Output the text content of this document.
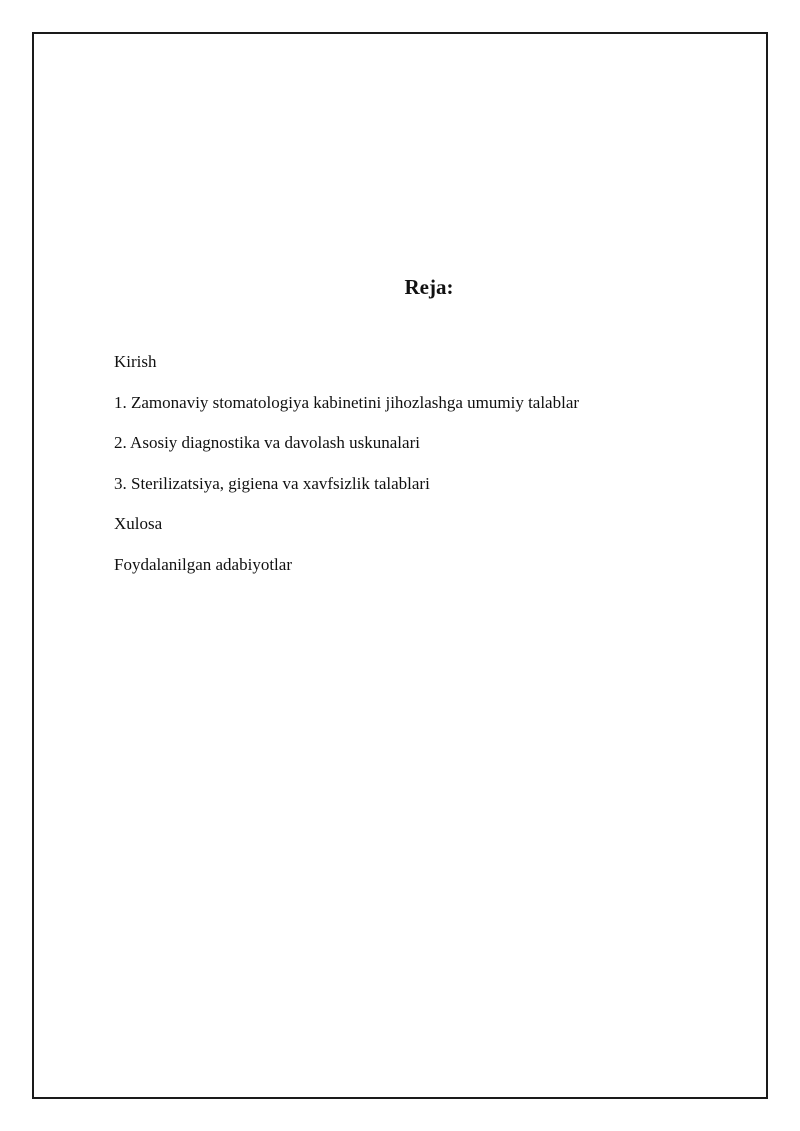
Reja:
Kirish
1. Zamonaviy stomatologiya kabinetini jihozlashga umumiy talablar
2. Asosiy diagnostika va davolash uskunalari
3. Sterilizatsiya, gigiena va xavfsizlik talablari
Xulosa
Foydalanilgan adabiyotlar
